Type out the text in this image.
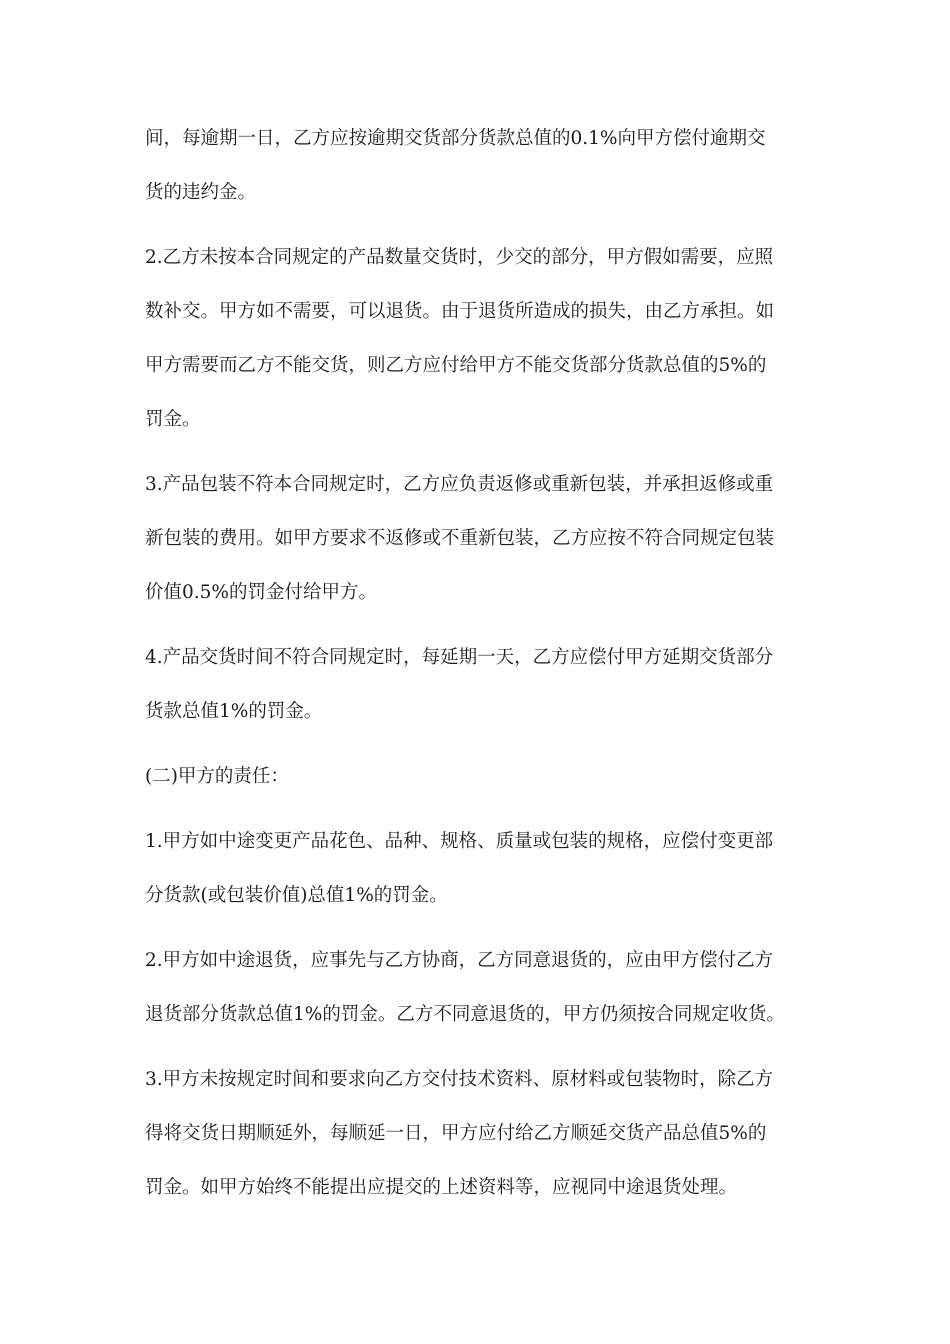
间，每逾期一日，乙方应按逾期交货部分货款总值的0.1%向甲方偿付逾期交
货的违约金。

2.乙方未按本合同规定的产品数量交货时，少交的部分，甲方假如需要，应照
数补交。甲方如不需要，可以退货。由于退货所造成的损失，由乙方承担。如
甲方需要而乙方不能交货，则乙方应付给甲方不能交货部分货款总值的5%的
罚金。

3.产品包装不符本合同规定时，乙方应负责返修或重新包装，并承担返修或重
新包装的费用。如甲方要求不返修或不重新包装，乙方应按不符合同规定包装
价值0.5%的罚金付给甲方。

4.产品交货时间不符合同规定时，每延期一天，乙方应偿付甲方延期交货部分
货款总值1%的罚金。

(二)甲方的责任：

1.甲方如中途变更产品花色、品种、规格、质量或包装的规格，应偿付变更部
分货款(或包装价值)总值1%的罚金。

2.甲方如中途退货，应事先与乙方协商，乙方同意退货的，应由甲方偿付乙方
退货部分货款总值1%的罚金。乙方不同意退货的，甲方仍须按合同规定收货。

3.甲方未按规定时间和要求向乙方交付技术资料、原材料或包装物时，除乙方
得将交货日期顺延外，每顺延一日，甲方应付给乙方顺延交货产品总值5%的
罚金。如甲方始终不能提出应提交的上述资料等，应视同中途退货处理。
